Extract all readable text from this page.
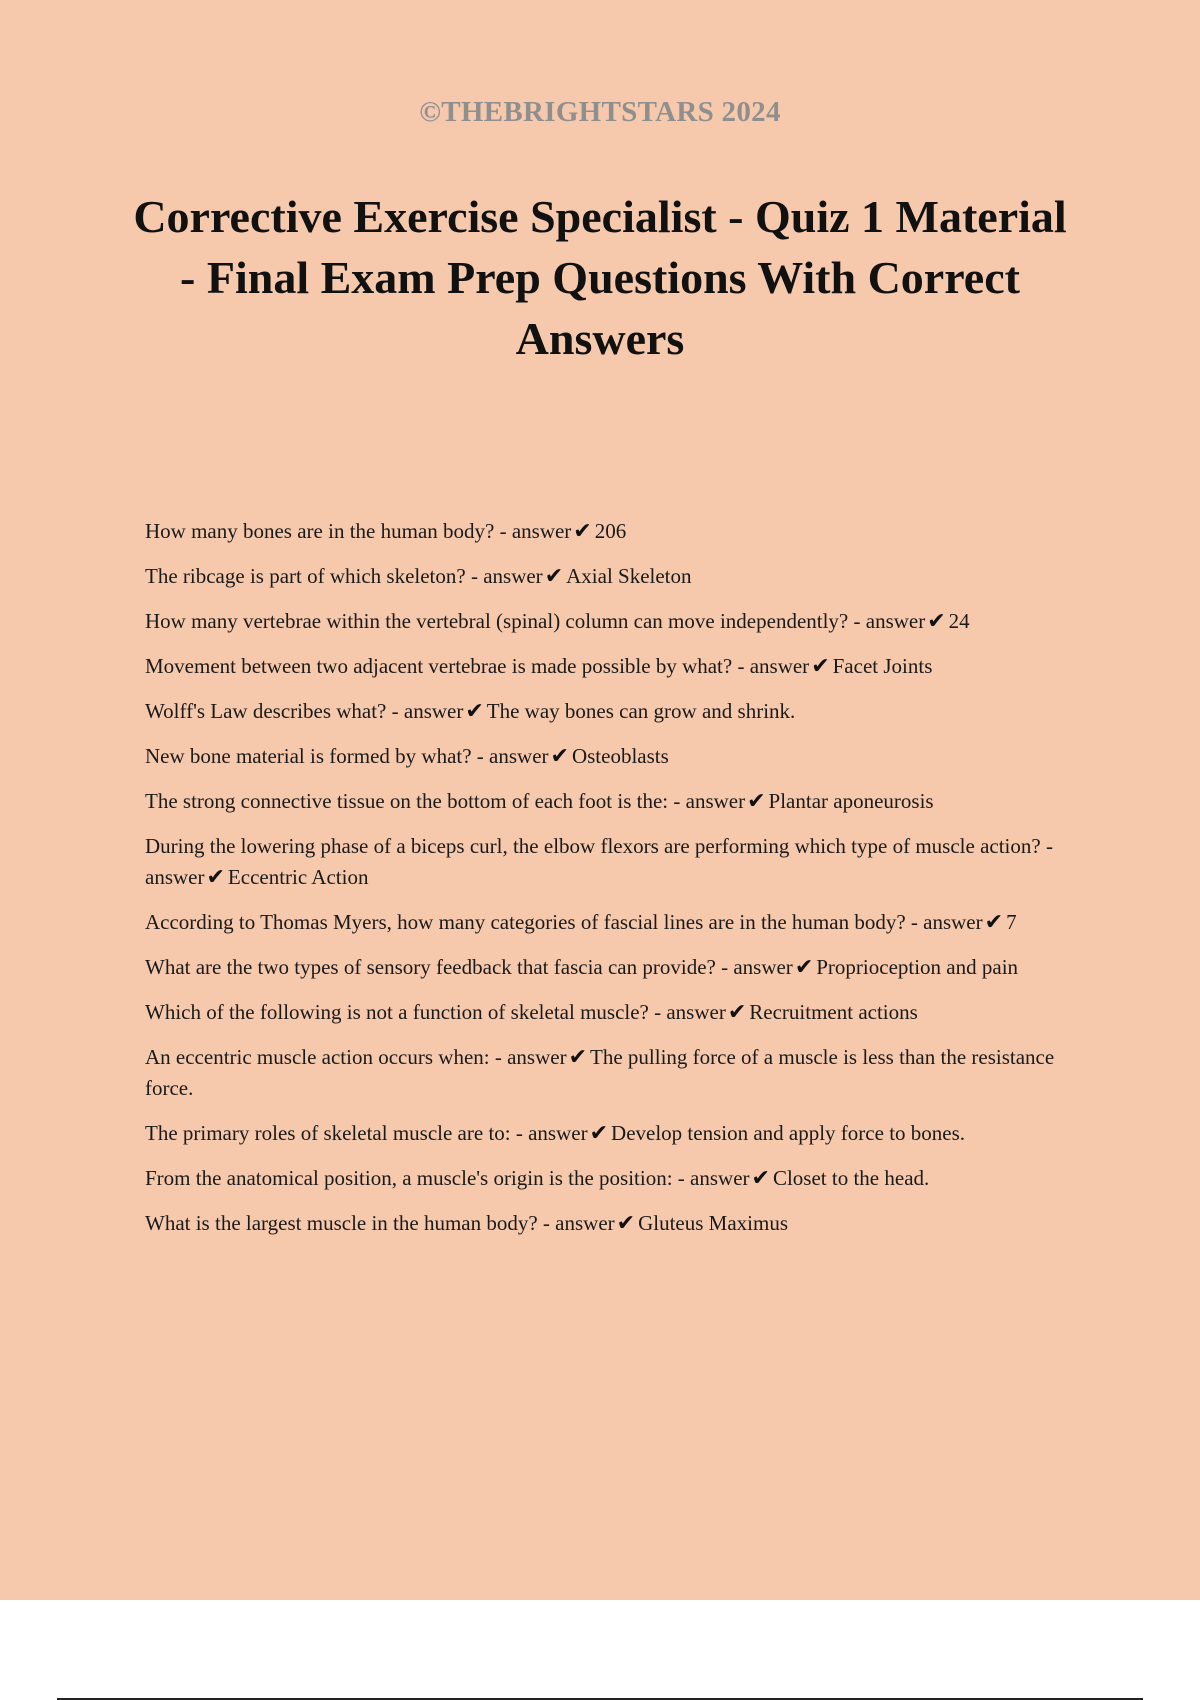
©THEBRIGHTSTARS 2024
Corrective Exercise Specialist - Quiz 1 Material - Final Exam Prep Questions With Correct Answers
How many bones are in the human body? - answer✔ 206
The ribcage is part of which skeleton? - answer✔ Axial Skeleton
How many vertebrae within the vertebral (spinal) column can move independently? - answer✔ 24
Movement between two adjacent vertebrae is made possible by what? - answer✔ Facet Joints
Wolff's Law describes what? - answer✔ The way bones can grow and shrink.
New bone material is formed by what? - answer✔ Osteoblasts
The strong connective tissue on the bottom of each foot is the: - answer✔ Plantar aponeurosis
During the lowering phase of a biceps curl, the elbow flexors are performing which type of muscle action? - answer✔ Eccentric Action
According to Thomas Myers, how many categories of fascial lines are in the human body? - answer✔ 7
What are the two types of sensory feedback that fascia can provide? - answer✔ Proprioception and pain
Which of the following is not a function of skeletal muscle? - answer✔ Recruitment actions
An eccentric muscle action occurs when: - answer✔ The pulling force of a muscle is less than the resistance force.
The primary roles of skeletal muscle are to: - answer✔ Develop tension and apply force to bones.
From the anatomical position, a muscle's origin is the position: - answer✔ Closet to the head.
What is the largest muscle in the human body? - answer✔ Gluteus Maximus
